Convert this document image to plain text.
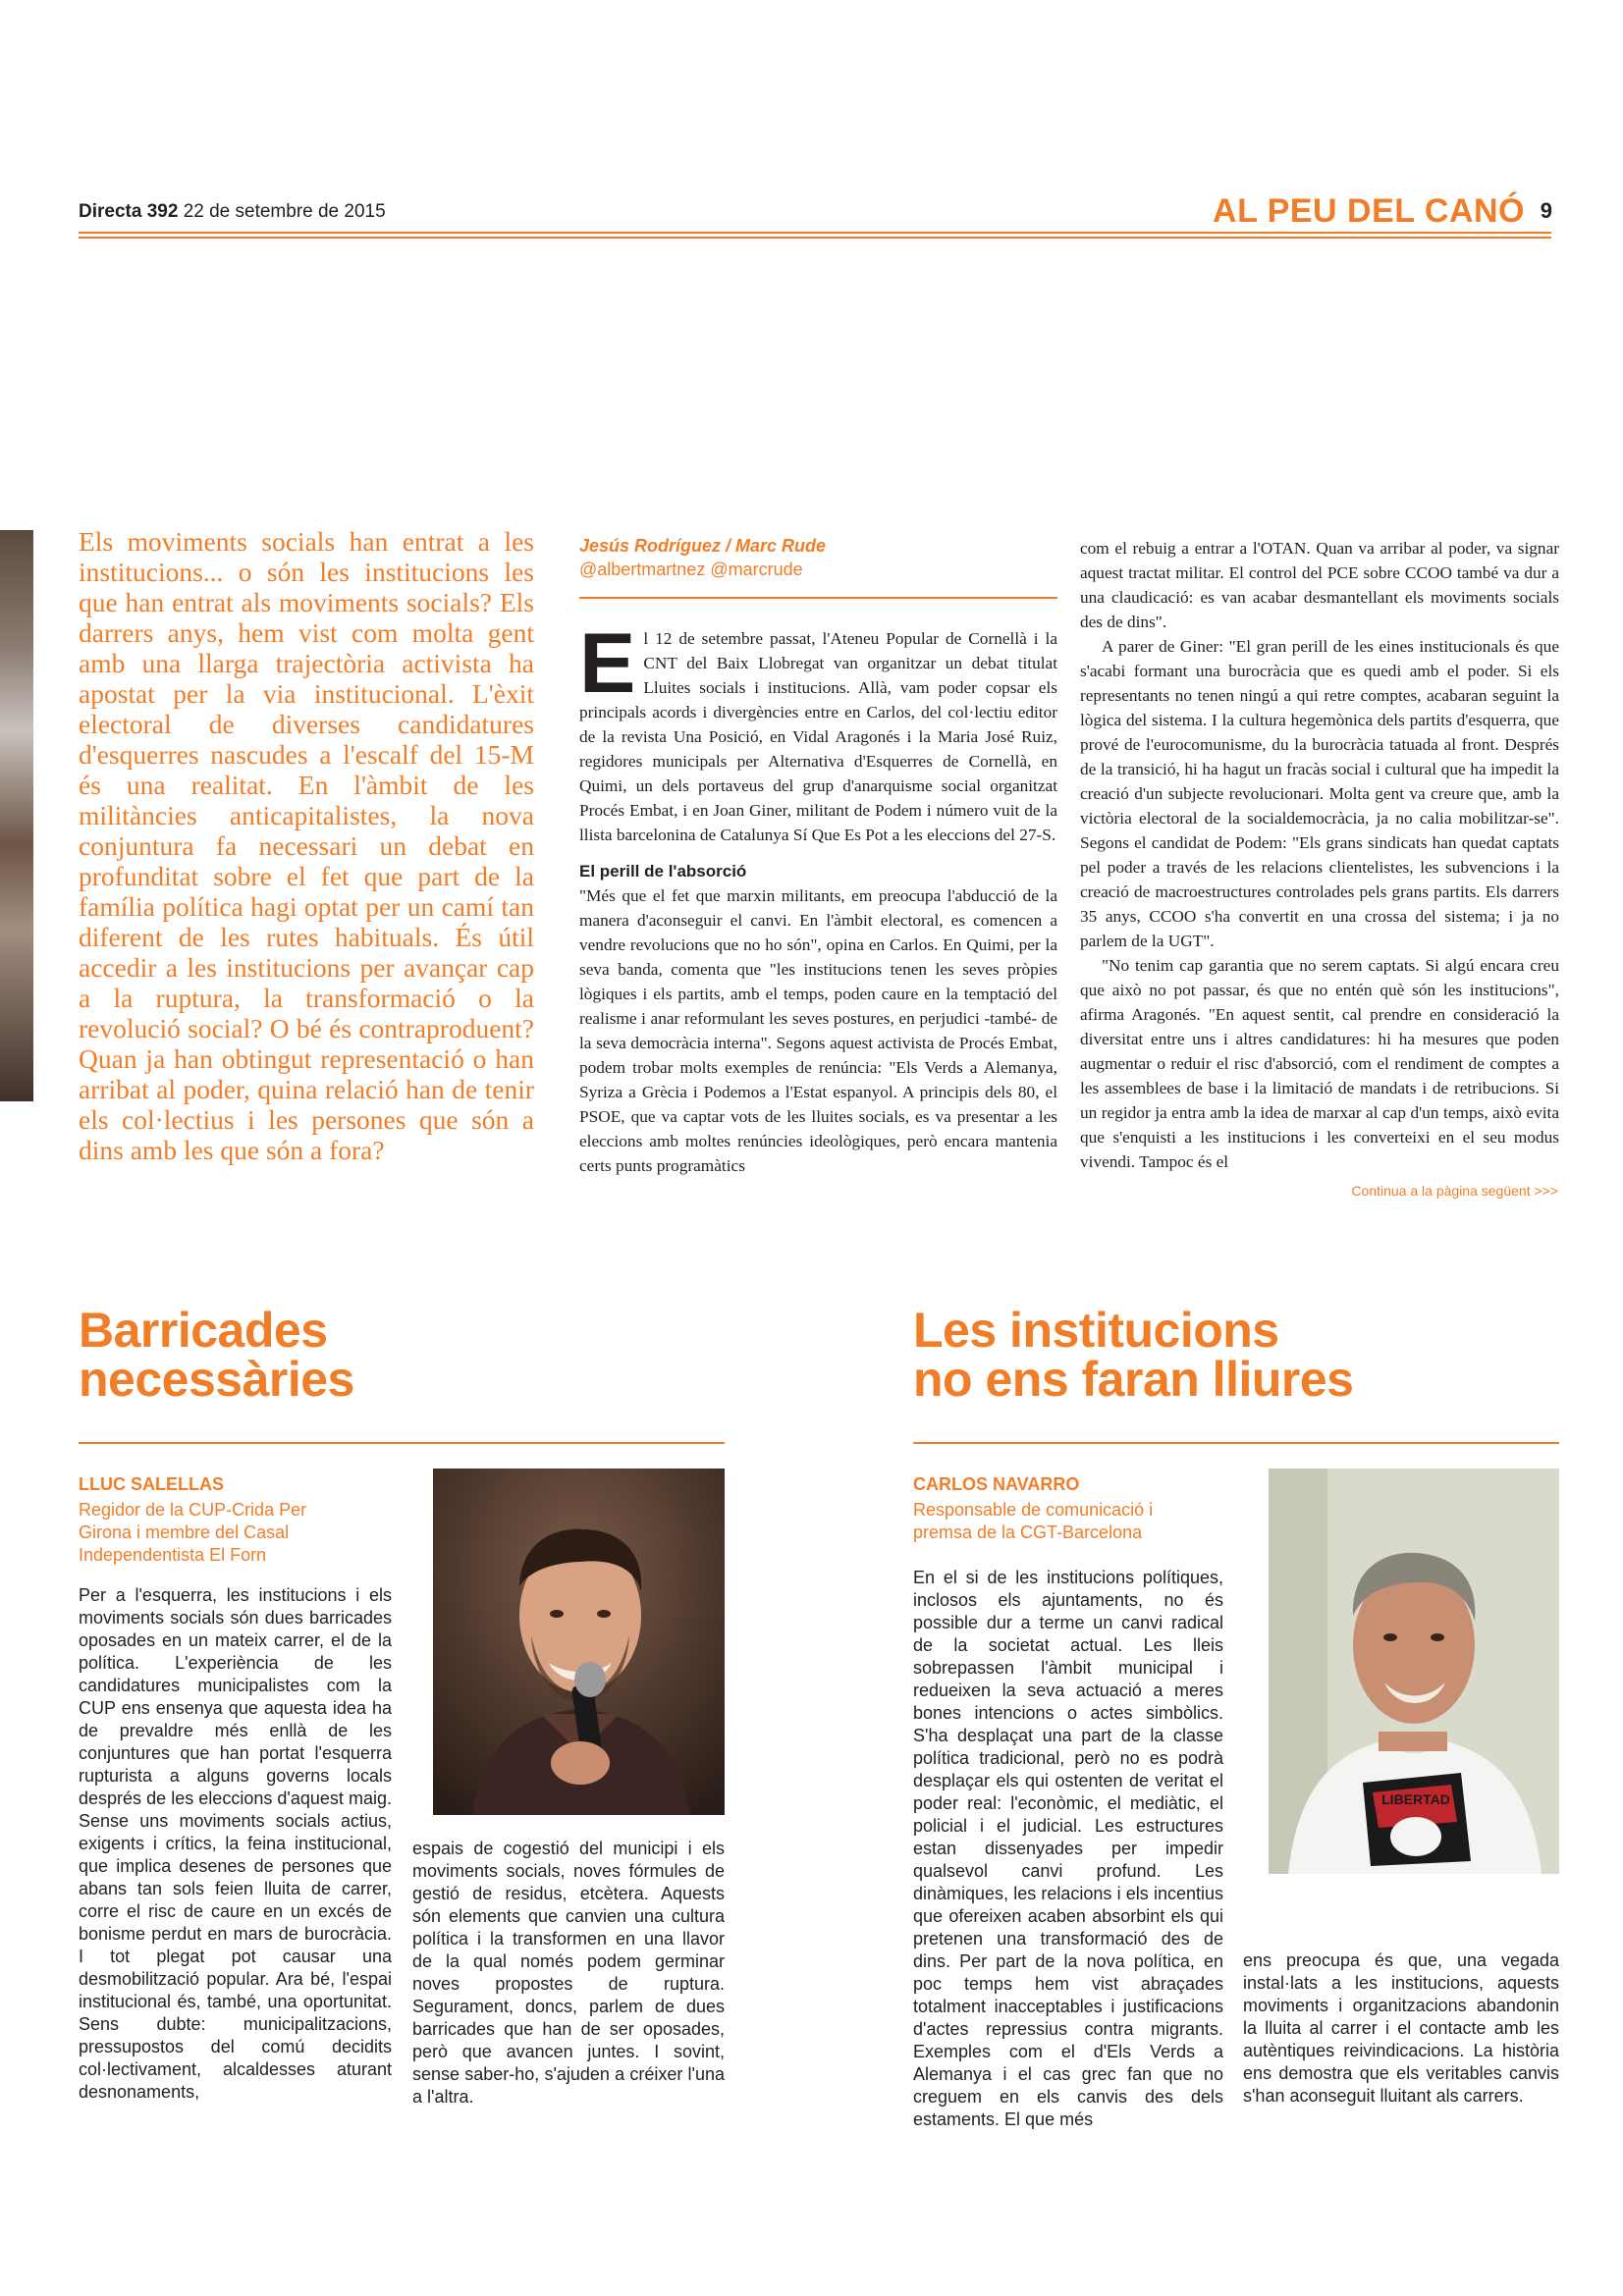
Directa 392 22 de setembre de 2015	AL PEU DEL CANÓ 9
Els moviments socials han entrat a les institucions... o són les institucions les que han entrat als moviments socials? Els darrers anys, hem vist com molta gent amb una llarga trajectòria activista ha apostat per la via institucional. L'èxit electoral de diverses candidatures d'esquerres nascudes a l'escalf del 15-M és una realitat. En l'àmbit de les militàncies anticapitalistes, la nova conjuntura fa necessari un debat en profunditat sobre el fet que part de la família política hagi optat per un camí tan diferent de les rutes habituals. És útil accedir a les institucions per avançar cap a la ruptura, la transformació o la revolució social? O bé és contraproduent? Quan ja han obtingut representació o han arribat al poder, quina relació han de tenir els col·lectius i les persones que són a dins amb les que són a fora?
Jesús Rodríguez / Marc Rude
@albertmartnez @marcrude

El 12 de setembre passat, l'Ateneu Popular de Cornellà i la CNT del Baix Llobregat van organitzar un debat titulat Lluites socials i institucions. Allà, vam poder copsar els principals acords i divergències entre en Carlos, del col·lectiu editor de la revista Una Posició, en Vidal Aragonés i la Maria José Ruiz, regidores municipals per Alternativa d'Esquerres de Cornellà, en Quimi, un dels portaveus del grup d'anarquisme social organitzat Procés Embat, i en Joan Giner, militant de Podem i número vuit de la llista barcelonina de Catalunya Sí Que Es Pot a les eleccions del 27-S.

El perill de l'absorció

"Més que el fet que marxin militants, em preocupa l'abducció de la manera d'aconseguir el canvi. En l'àmbit electoral, es comencen a vendre revolucions que no ho són", opina en Carlos. En Quimi, per la seva banda, comenta que "les institucions tenen les seves pròpies lògiques i els partits, amb el temps, poden caure en la temptació del realisme i anar reformulant les seves postures, en perjudici -també- de la seva democràcia interna". Segons aquest activista de Procés Embat, podem trobar molts exemples de renúncia: "Els Verds a Alemanya, Syriza a Grècia i Podemos a l'Estat espanyol. A principis dels 80, el PSOE, que va captar vots de les lluites socials, es va presentar a les eleccions amb moltes renúncies ideològiques, però encara mantenia certs punts programàtics

com el rebuig a entrar a l'OTAN. Quan va arribar al poder, va signar aquest tractat militar. El control del PCE sobre CCOO també va dur a una claudicació: es van acabar desmantellant els moviments socials des de dins".

A parer de Giner: "El gran perill de les eines institucionals és que s'acabi formant una burocràcia que es quedi amb el poder. Si els representants no tenen ningú a qui retre comptes, acabaran seguint la lògica del sistema. I la cultura hegemònica dels partits d'esquerra, que prové de l'eurocomunisme, du la burocràcia tatuada al front. Després de la transició, hi ha hagut un fracàs social i cultural que ha impedit la creació d'un subjecte revolucionari. Molta gent va creure que, amb la victòria electoral de la socialdemocràcia, ja no calia mobilitzar-se". Segons el candidat de Podem: "Els grans sindicats han quedat captats pel poder a través de les relacions clientelistes, les subvencions i la creació de macroestructures controlades pels grans partits. Els darrers 35 anys, CCOO s'ha convertit en una crossa del sistema; i ja no parlem de la UGT".

"No tenim cap garantia que no serem captats. Si algú encara creu que això no pot passar, és que no entén què són les institucions", afirma Aragonés. "En aquest sentit, cal prendre en consideració la diversitat entre uns i altres candidatures: hi ha mesures que poden augmentar o reduir el risc d'absorció, com el rendiment de comptes a les assemblees de base i la limitació de mandats i de retribucions. Si un regidor ja entra amb la idea de marxar al cap d'un temps, això evita que s'enquisti a les institucions i les converteixi en el seu modus vivendi. Tampoc és el

Continua a la pàgina següent >>>
Barricades
necessàries
LLUC SALELLAS
Regidor de la CUP-Crida Per Girona i membre del Casal Independentista El Forn

Per a l'esquerra, les institucions i els moviments socials són dues barricades oposades en un mateix carrer, el de la política. L'experiència de les candidatures municipalistes com la CUP ens ensenya que aquesta idea ha de prevaldre més enllà de les conjuntures que han portat l'esquerra rupturista a alguns governs locals després de les eleccions d'aquest maig. Sense uns moviments socials actius, exigents i crítics, la feina institucional, que implica desenes de persones que abans tan sols feien lluita de carrer, corre el risc de caure en un excés de bonisme perdut en mars de burocràcia. I tot plegat pot causar una desmobilització popular. Ara bé, l'espai institucional és, també, una oportunitat. Sens dubte: municipalitzacions, pressupostos del comú decidits col·lectivament, alcaldesses aturant desnonaments,

espais de cogestió del municipi i els moviments socials, noves fórmules de gestió de residus, etcètera. Aquests són elements que canvien una cultura política i la transformen en una llavor de la qual només podem germinar noves propostes de ruptura. Segurament, doncs, parlem de dues barricades que han de ser oposades, però que avancen juntes. I sovint, sense saber-ho, s'ajuden a créixer l'una a l'altra.

Les institucions
no ens faran lliures
CARLOS NAVARRO
Responsable de comunicació i premsa de la CGT-Barcelona

En el si de les institucions polítiques, inclosos els ajuntaments, no és possible dur a terme un canvi radical de la societat actual. Les lleis sobrepassen l'àmbit municipal i redueixen la seva actuació a meres bones intencions o actes simbòlics. S'ha desplaçat una part de la classe política tradicional, però no es podrà desplaçar els qui ostenten de veritat el poder real: l'econòmic, el mediàtic, el policial i el judicial. Les estructures estan dissenyades per impedir qualsevol canvi profund. Les dinàmiques, les relacions i els incentius que ofereixen acaben absorbint els qui pretenen una transformació des de dins. Per part de la nova política, en poc temps hem vist abraçades totalment inacceptables i justificacions d'actes repressius contra migrants. Exemples com el d'Els Verds a Alemanya i el cas grec fan que no creguem en els canvis des dels estaments. El que més

ens preocupa és que, una vegada instal·lats a les institucions, aquests moviments i organitzacions abandonin la lluita al carrer i el contacte amb les autèntiques reivindicacions. La història ens demostra que els veritables canvis s'han aconseguit lluitant als carrers.

LIBERTAD
